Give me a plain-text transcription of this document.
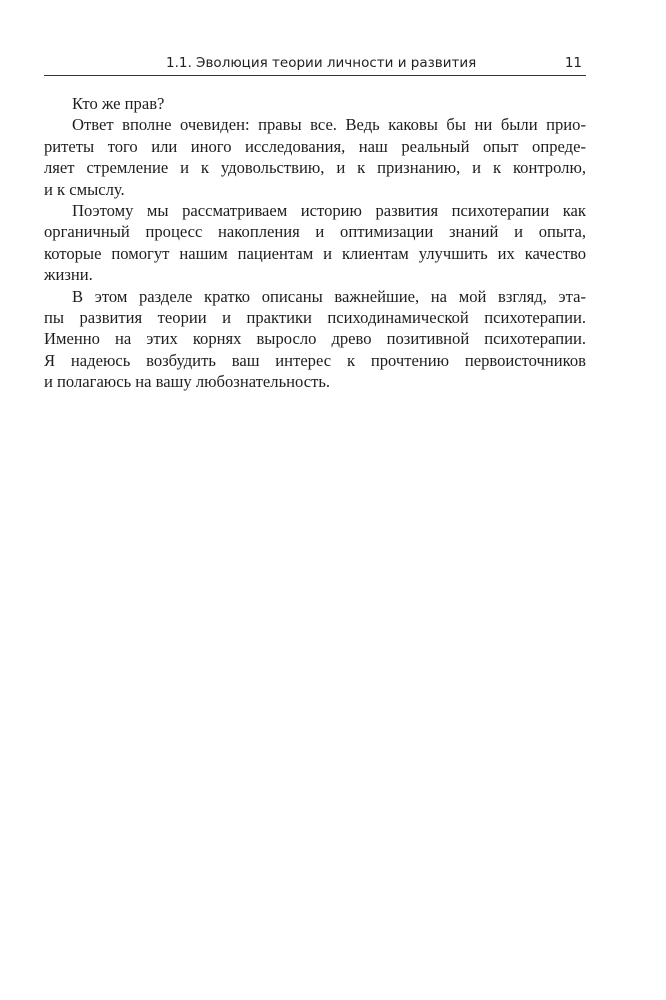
1.1. Эволюция теории личности и развития	11
Кто же прав?
Ответ вполне очевиден: правы все. Ведь каковы бы ни были прио-
ритеты того или иного исследования, наш реальный опыт опреде-
ляет стремление и к удовольствию, и к признанию, и к контролю,
и к смыслу.
Поэтому мы рассматриваем историю развития психотерапии как
органичный процесс накопления и оптимизации знаний и опыта,
которые помогут нашим пациентам и клиентам улучшить их качество
жизни.
В этом разделе кратко описаны важнейшие, на мой взгляд, эта-
пы развития теории и практики психодинамической психотерапии.
Именно на этих корнях выросло древо позитивной психотерапии.
Я надеюсь возбудить ваш интерес к прочтению первоисточников
и полагаюсь на вашу любознательность.
